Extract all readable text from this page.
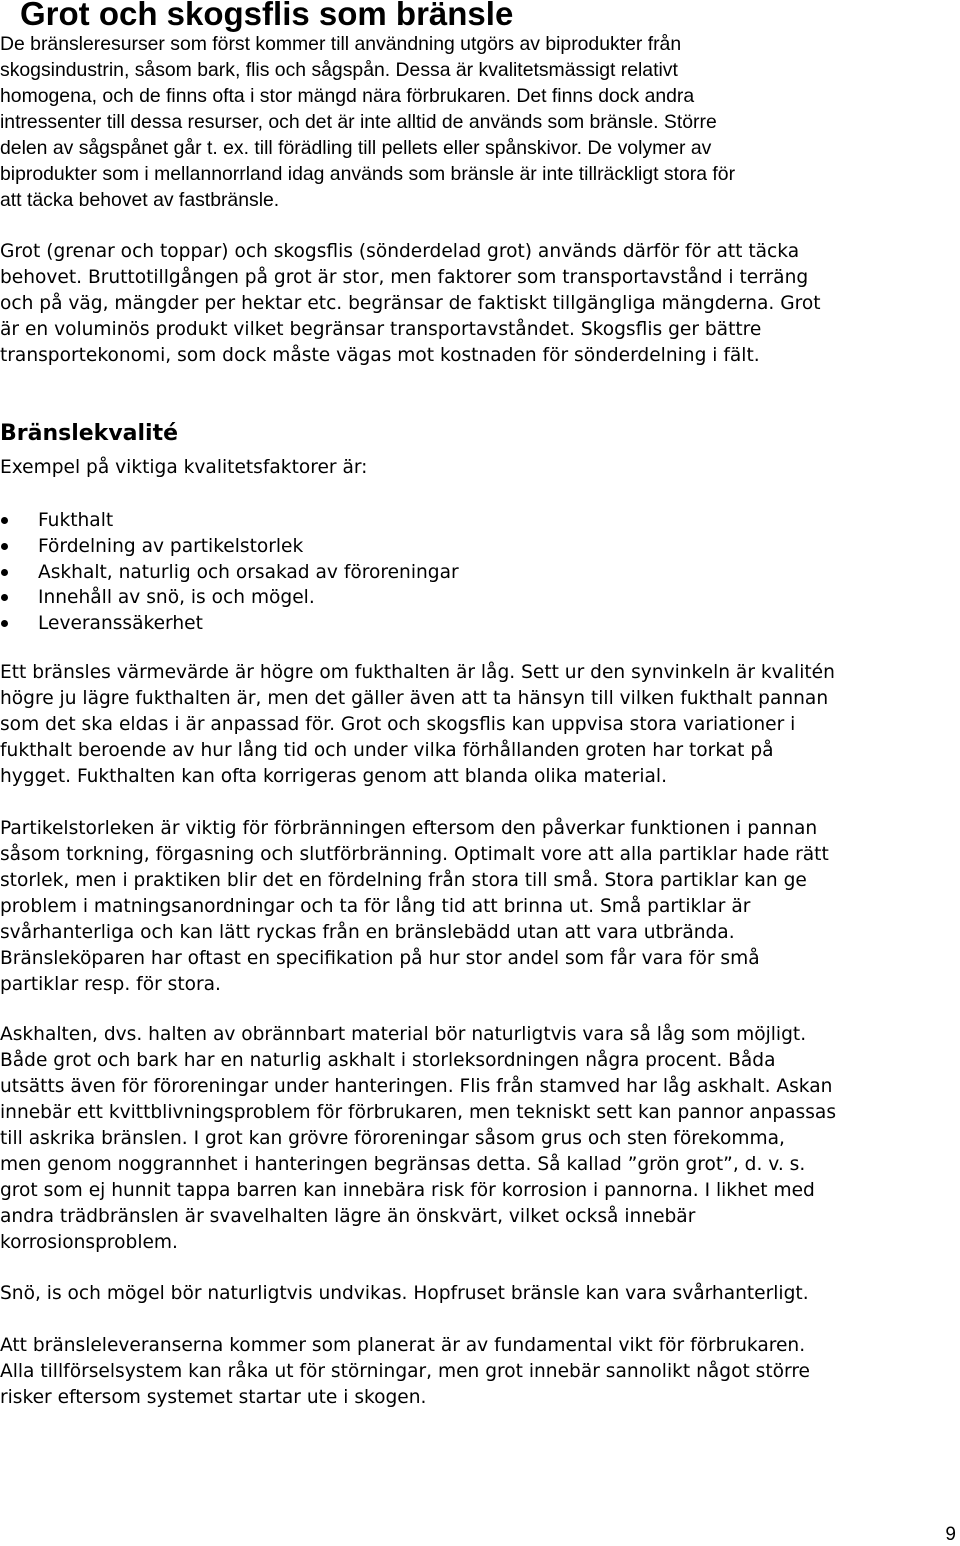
Grot och skogsflis som bränsle

De bränsleresurser som först kommer till användning utgörs av biprodukter från
skogsindustrin, såsom bark, flis och sågspån. Dessa är kvalitetsmässigt relativt
homogena, och de finns ofta i stor mängd nära förbrukaren. Det finns dock andra
intressenter till dessa resurser, och det är inte alltid de används som bränsle. Större
delen av sågspånet går t. ex. till förädling till pellets eller spånskivor. De volymer av
biprodukter som i mellannorrland idag används som bränsle är inte tillräckligt stora för
att täcka behovet av fastbränsle.

Grot (grenar och toppar) och skogsflis (sönderdelad grot) används därför för att täcka
behovet. Bruttotillgången på grot är stor, men faktorer som transportavstånd i terräng
och på väg, mängder per hektar etc. begränsar de faktiskt tillgängliga mängderna. Grot
är en voluminös produkt vilket begränsar transportavståndet. Skogsflis ger bättre
transportekonomi, som dock måste vägas mot kostnaden för sönderdelning i fält.

Bränslekvalité

Exempel på viktiga kvalitetsfaktorer är:

Fukthalt
Fördelning av partikelstorlek
Askhalt, naturlig och orsakad av föroreningar
Innehåll av snö, is och mögel.
Leveranssäkerhet

Ett bränsles värmevärde är högre om fukthalten är låg. Sett ur den synvinkeln är kvalitén
högre ju lägre fukthalten är, men det gäller även att ta hänsyn till vilken fukthalt pannan
som det ska eldas i är anpassad för. Grot och skogsflis kan uppvisa stora variationer i
fukthalt beroende av hur lång tid och under vilka förhållanden groten har torkat på
hygget. Fukthalten kan ofta korrigeras genom att blanda olika material.

Partikelstorleken är viktig för förbränningen eftersom den påverkar funktionen i pannan
såsom torkning, förgasning och slutförbränning. Optimalt vore att alla partiklar hade rätt
storlek, men i praktiken blir det en fördelning från stora till små. Stora partiklar kan ge
problem i matningsanordningar och ta för lång tid att brinna ut. Små partiklar är
svårhanterliga och kan lätt ryckas från en bränslebädd utan att vara utbrända.
Bränsleköparen har oftast en specifikation på hur stor andel som får vara för små
partiklar resp. för stora.

Askhalten, dvs. halten av obrännbart material bör naturligtvis vara så låg som möjligt.
Både grot och bark har en naturlig askhalt i storleksordningen några procent. Båda
utsätts även för föroreningar under hanteringen. Flis från stamved har låg askhalt. Askan
innebär ett kvittblivningsproblem för förbrukaren, men tekniskt sett kan pannor anpassas
till askrika bränslen. I grot kan grövre föroreningar såsom grus och sten förekomma,
men genom noggrannhet i hanteringen begränsas detta. Så kallad ”grön grot”, d. v. s.
grot som ej hunnit tappa barren kan innebära risk för korrosion i pannorna. I likhet med
andra trädbränslen är svavelhalten lägre än önskvärt, vilket också innebär
korrosionsproblem.

Snö, is och mögel bör naturligtvis undvikas. Hopfruset bränsle kan vara svårhanterligt.

Att bränsleleveranserna kommer som planerat är av fundamental vikt för förbrukaren.
Alla tillförselsystem kan råka ut för störningar, men grot innebär sannolikt något större
risker eftersom systemet startar ute i skogen.

9
